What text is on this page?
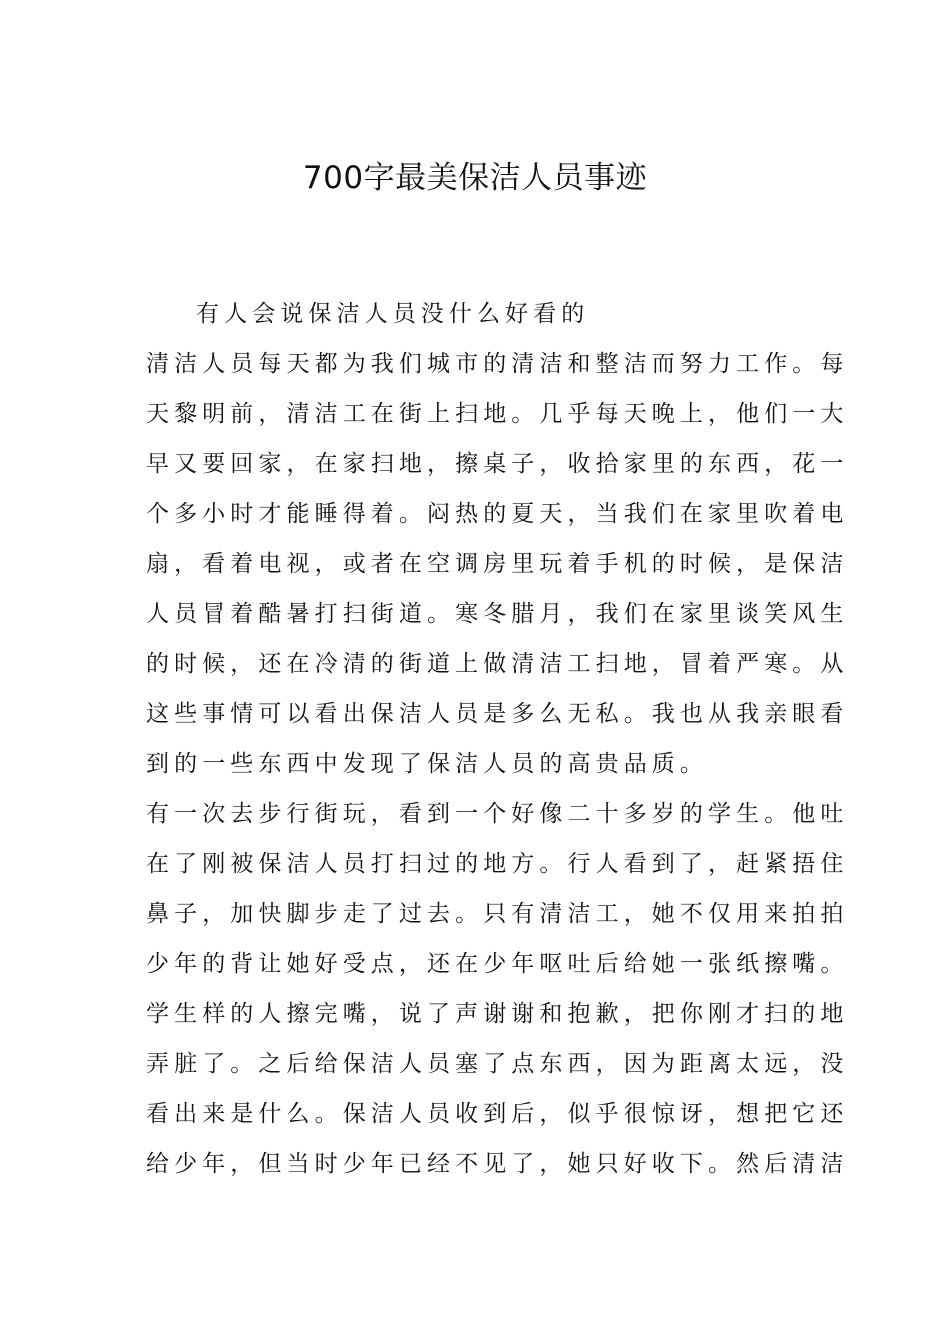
700字最美保洁人员事迹
有人会说保洁人员没什么好看的
清洁人员每天都为我们城市的清洁和整洁而努力工作。每
天黎明前，清洁工在街上扫地。几乎每天晚上，他们一大
早又要回家，在家扫地，擦桌子，收拾家里的东西，花一
个多小时才能睡得着。闷热的夏天，当我们在家里吹着电
扇，看着电视，或者在空调房里玩着手机的时候，是保洁
人员冒着酷暑打扫街道。寒冬腊月，我们在家里谈笑风生
的时候，还在冷清的街道上做清洁工扫地，冒着严寒。从
这些事情可以看出保洁人员是多么无私。我也从我亲眼看
到的一些东西中发现了保洁人员的高贵品质。
有一次去步行街玩，看到一个好像二十多岁的学生。他吐
在了刚被保洁人员打扫过的地方。行人看到了，赶紧捂住
鼻子，加快脚步走了过去。只有清洁工，她不仅用来拍拍
少年的背让她好受点，还在少年呕吐后给她一张纸擦嘴。
学生样的人擦完嘴，说了声谢谢和抱歉，把你刚才扫的地
弄脏了。之后给保洁人员塞了点东西，因为距离太远，没
看出来是什么。保洁人员收到后，似乎很惊讶，想把它还
给少年，但当时少年已经不见了，她只好收下。然后清洁
